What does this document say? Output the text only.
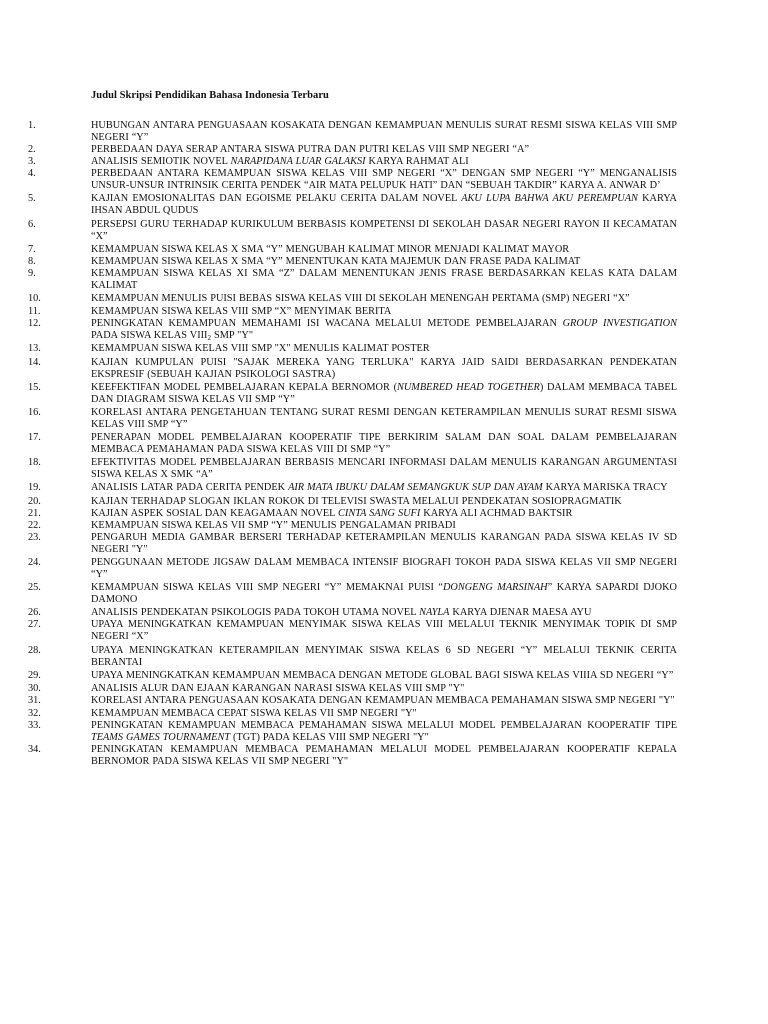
Judul Skripsi Pendidikan Bahasa Indonesia Terbaru
1.	HUBUNGAN ANTARA PENGUASAAN KOSAKATA DENGAN KEMAMPUAN MENULIS SURAT RESMI SISWA KELAS VIII SMP NEGERI “Y”
2.	PERBEDAAN DAYA SERAP ANTARA SISWA PUTRA DAN PUTRI KELAS VIII SMP NEGERI “A”
3.	ANALISIS SEMIOTIK NOVEL NARAPIDANA LUAR GALAKSI KARYA RAHMAT ALI
4.	PERBEDAAN ANTARA KEMAMPUAN SISWA KELAS VIII SMP NEGERI “X” DENGAN SMP NEGERI “Y” MENGANALISIS UNSUR-UNSUR INTRINSIK CERITA PENDEK “AIR MATA PELUPUK HATI” DAN “SEBUAH TAKDIR” KARYA A. ANWAR D’
5.	KAJIAN EMOSIONALITAS DAN EGOISME PELAKU CERITA DALAM NOVEL AKU LUPA BAHWA AKU PEREMPUAN KARYA IHSAN ABDUL QUDUS
6.	PERSEPSI GURU TERHADAP KURIKULUM BERBASIS KOMPETENSI DI SEKOLAH DASAR NEGERI RAYON II KECAMATAN “X”
7.	KEMAMPUAN SISWA KELAS X SMA “Y” MENGUBAH KALIMAT MINOR MENJADI KALIMAT MAYOR
8.	KEMAMPUAN SISWA KELAS X SMA “Y” MENENTUKAN KATA MAJEMUK DAN FRASE PADA KALIMAT
9.	KEMAMPUAN SISWA KELAS XI SMA “Z” DALAM MENENTUKAN JENIS FRASE BERDASARKAN KELAS KATA DALAM KALIMAT
10.	KEMAMPUAN MENULIS PUISI BEBAS SISWA KELAS VIII DI SEKOLAH MENENGAH PERTAMA (SMP) NEGERI “X”
11.	KEMAMPUAN SISWA KELAS VIII SMP “X” MENYIMAK BERITA
12.	PENINGKATAN KEMAMPUAN MEMAHAMI ISI WACANA MELALUI METODE PEMBELAJARAN GROUP INVESTIGATION PADA SISWA KELAS $VIII_2$ SMP "Y"
13.	KEMAMPUAN SISWA KELAS VIII SMP "X" MENULIS KALIMAT POSTER
14.	KAJIAN KUMPULAN PUISI "SAJAK MEREKA YANG TERLUKA" KARYA JAID SAIDI BERDASARKAN PENDEKATAN EKSPRESIF (SEBUAH KAJIAN PSIKOLOGI SASTRA)
15.	KEEFEKTIFAN MODEL PEMBELAJARAN KEPALA BERNOMOR (NUMBERED HEAD TOGETHER) DALAM MEMBACA TABEL DAN DIAGRAM SISWA KELAS VII SMP “Y”
16.	KORELASI ANTARA PENGETAHUAN TENTANG SURAT RESMI DENGAN KETERAMPILAN MENULIS SURAT RESMI SISWA KELAS VIII SMP “Y”
17.	PENERAPAN MODEL PEMBELAJARAN KOOPERATIF TIPE BERKIRIM SALAM DAN SOAL DALAM PEMBELAJARAN MEMBACA PEMAHAMAN PADA SISWA KELAS VIII DI SMP “Y”
18.	EFEKTIVITAS MODEL PEMBELAJARAN BERBASIS MENCARI INFORMASI DALAM MENULIS KARANGAN ARGUMENTASI SISWA KELAS X SMK “A”
19.	ANALISIS LATAR PADA CERITA PENDEK AIR MATA IBUKU DALAM SEMANGKUK SUP DAN AYAM KARYA MARISKA TRACY
20.	KAJIAN TERHADAP SLOGAN IKLAN ROKOK DI TELEVISI SWASTA MELALUI PENDEKATAN SOSIOPRAGMATIK
21.	KAJIAN ASPEK SOSIAL DAN KEAGAMAAN NOVEL CINTA SANG SUFI KARYA ALI ACHMAD BAKTSIR
22.	KEMAMPUAN SISWA KELAS VII SMP “Y” MENULIS PENGALAMAN PRIBADI
23.	PENGARUH MEDIA GAMBAR BERSERI TERHADAP KETERAMPILAN MENULIS KARANGAN PADA SISWA KELAS IV SD NEGERI "Y"
24.	PENGGUNAAN METODE JIGSAW DALAM MEMBACA INTENSIF BIOGRAFI TOKOH PADA SISWA KELAS VII SMP NEGERI “Y”
25.	KEMAMPUAN SISWA KELAS VIII SMP NEGERI “Y” MEMAKNAI PUISI “DONGENG MARSINAH” KARYA SAPARDI DJOKO DAMONO
26.	ANALISIS PENDEKATAN PSIKOLOGIS PADA TOKOH UTAMA NOVEL NAYLA KARYA DJENAR MAESA AYU
27.	UPAYA MENINGKATKAN KEMAMPUAN MENYIMAK SISWA KELAS VIII MELALUI TEKNIK MENYIMAK TOPIK DI SMP NEGERI “X”
28.	UPAYA MENINGKATKAN KETERAMPILAN MENYIMAK SISWA KELAS 6 SD NEGERI “Y” MELALUI TEKNIK CERITA BERANTAI
29.	UPAYA MENINGKATKAN KEMAMPUAN MEMBACA DENGAN METODE GLOBAL BAGI SISWA KELAS VIIIA SD NEGERI “Y”
30.	ANALISIS ALUR DAN EJAAN KARANGAN NARASI SISWA KELAS VIII SMP "Y"
31.	KORELASI ANTARA PENGUASAAN KOSAKATA DENGAN KEMAMPUAN MEMBACA PEMAHAMAN SISWA SMP NEGERI "Y"
32.	KEMAMPUAN MEMBACA CEPAT SISWA KELAS VII SMP NEGERI "Y"
33.	PENINGKATAN KEMAMPUAN MEMBACA PEMAHAMAN SISWA MELALUI MODEL PEMBELAJARAN KOOPERATIF TIPE TEAMS GAMES TOURNAMENT (TGT) PADA KELAS VIII SMP NEGERI "Y"
34.	PENINGKATAN KEMAMPUAN MEMBACA PEMAHAMAN MELALUI MODEL PEMBELAJARAN KOOPERATIF KEPALA BERNOMOR PADA SISWA KELAS VII SMP NEGERI "Y"
